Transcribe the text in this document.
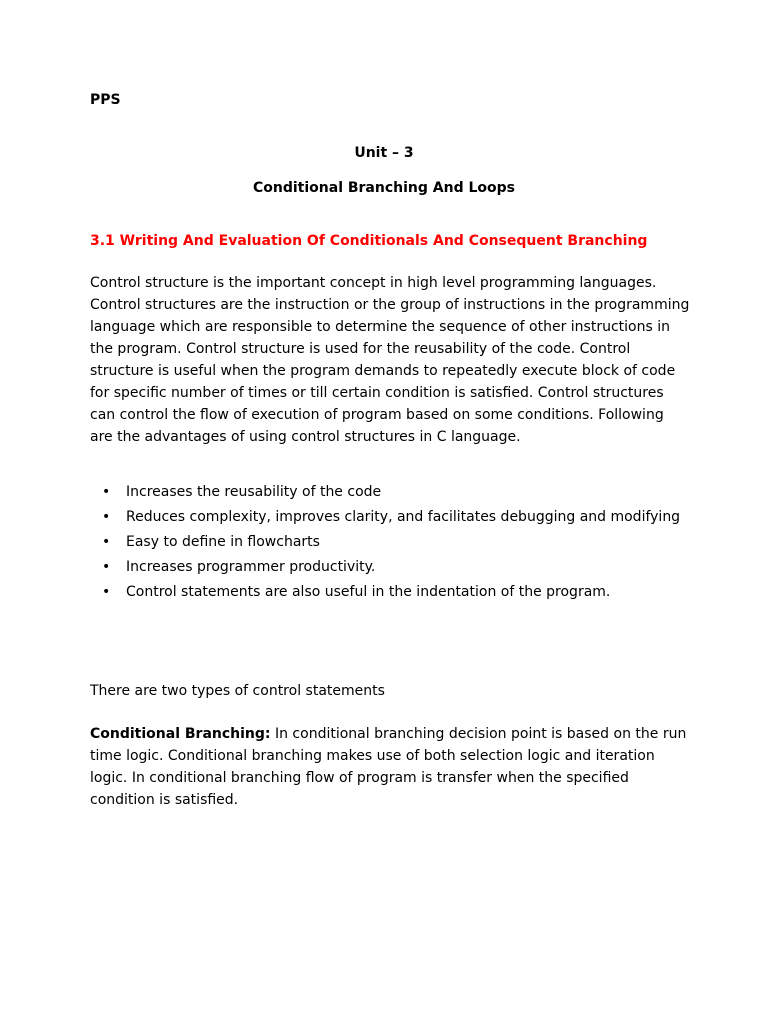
PPS
Unit – 3
Conditional Branching And Loops
3.1 Writing And Evaluation Of Conditionals And Consequent Branching

Control structure is the important concept in high level programming languages. Control structures are the instruction or the group of instructions in the programming language which are responsible to determine the sequence of other instructions in the program. Control structure is used for the reusability of the code. Control structure is useful when the program demands to repeatedly execute block of code for specific number of times or till certain condition is satisfied. Control structures can control the flow of execution of program based on some conditions. Following are the advantages of using control structures in C language.

• Increases the reusability of the code
• Reduces complexity, improves clarity, and facilitates debugging and modifying
• Easy to define in flowcharts
• Increases programmer productivity.
• Control statements are also useful in the indentation of the program.

There are two types of control statements

Conditional Branching: In conditional branching decision point is based on the run time logic. Conditional branching makes use of both selection logic and iteration logic. In conditional branching flow of program is transfer when the specified condition is satisfied.
